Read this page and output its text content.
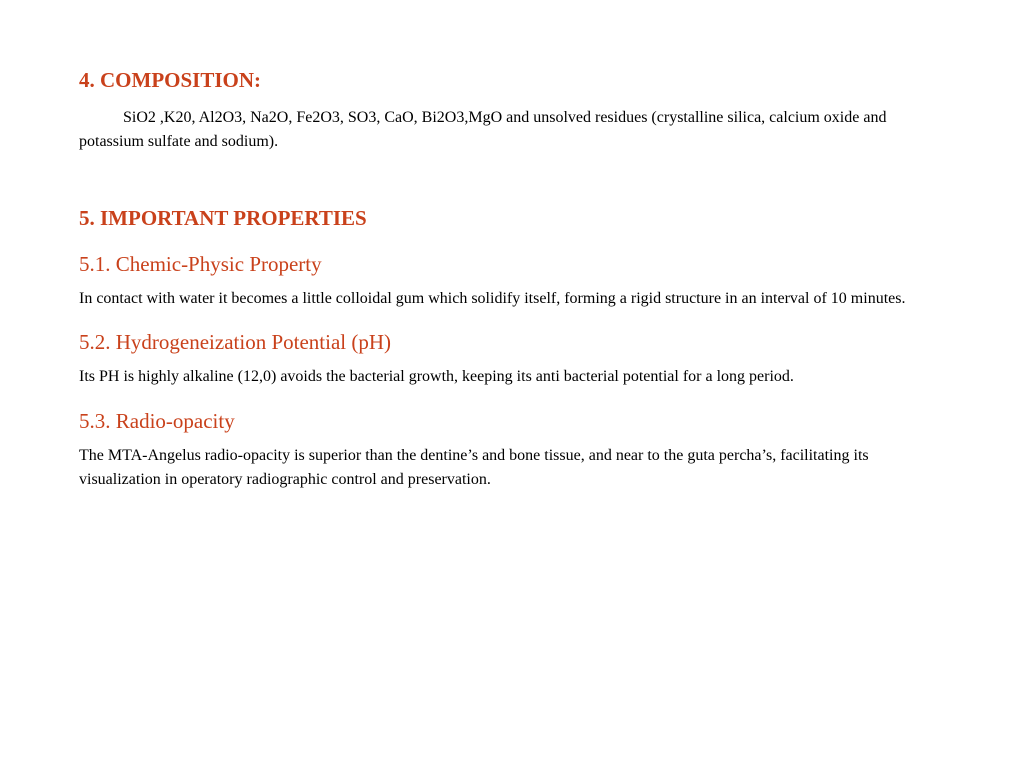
4. COMPOSITION:

SiO2 ,K20, Al2O3, Na2O, Fe2O3, SO3, CaO, Bi2O3,MgO and unsolved residues (crystalline silica, calcium oxide and potassium sulfate and sodium).

5. IMPORTANT PROPERTIES
5.1. Chemic-Physic Property

In contact with water it becomes a little colloidal gum which solidify itself, forming a rigid structure in an interval of 10 minutes.

5.2. Hydrogeneization Potential (pH)

Its PH is highly alkaline (12,0) avoids the bacterial growth, keeping its anti bacterial potential for a long period.

5.3. Radio-opacity

The MTA-Angelus radio-opacity is superior than the dentine’s and bone tissue, and near to the guta percha’s, facilitating its visualization in operatory radiographic control and preservation.
